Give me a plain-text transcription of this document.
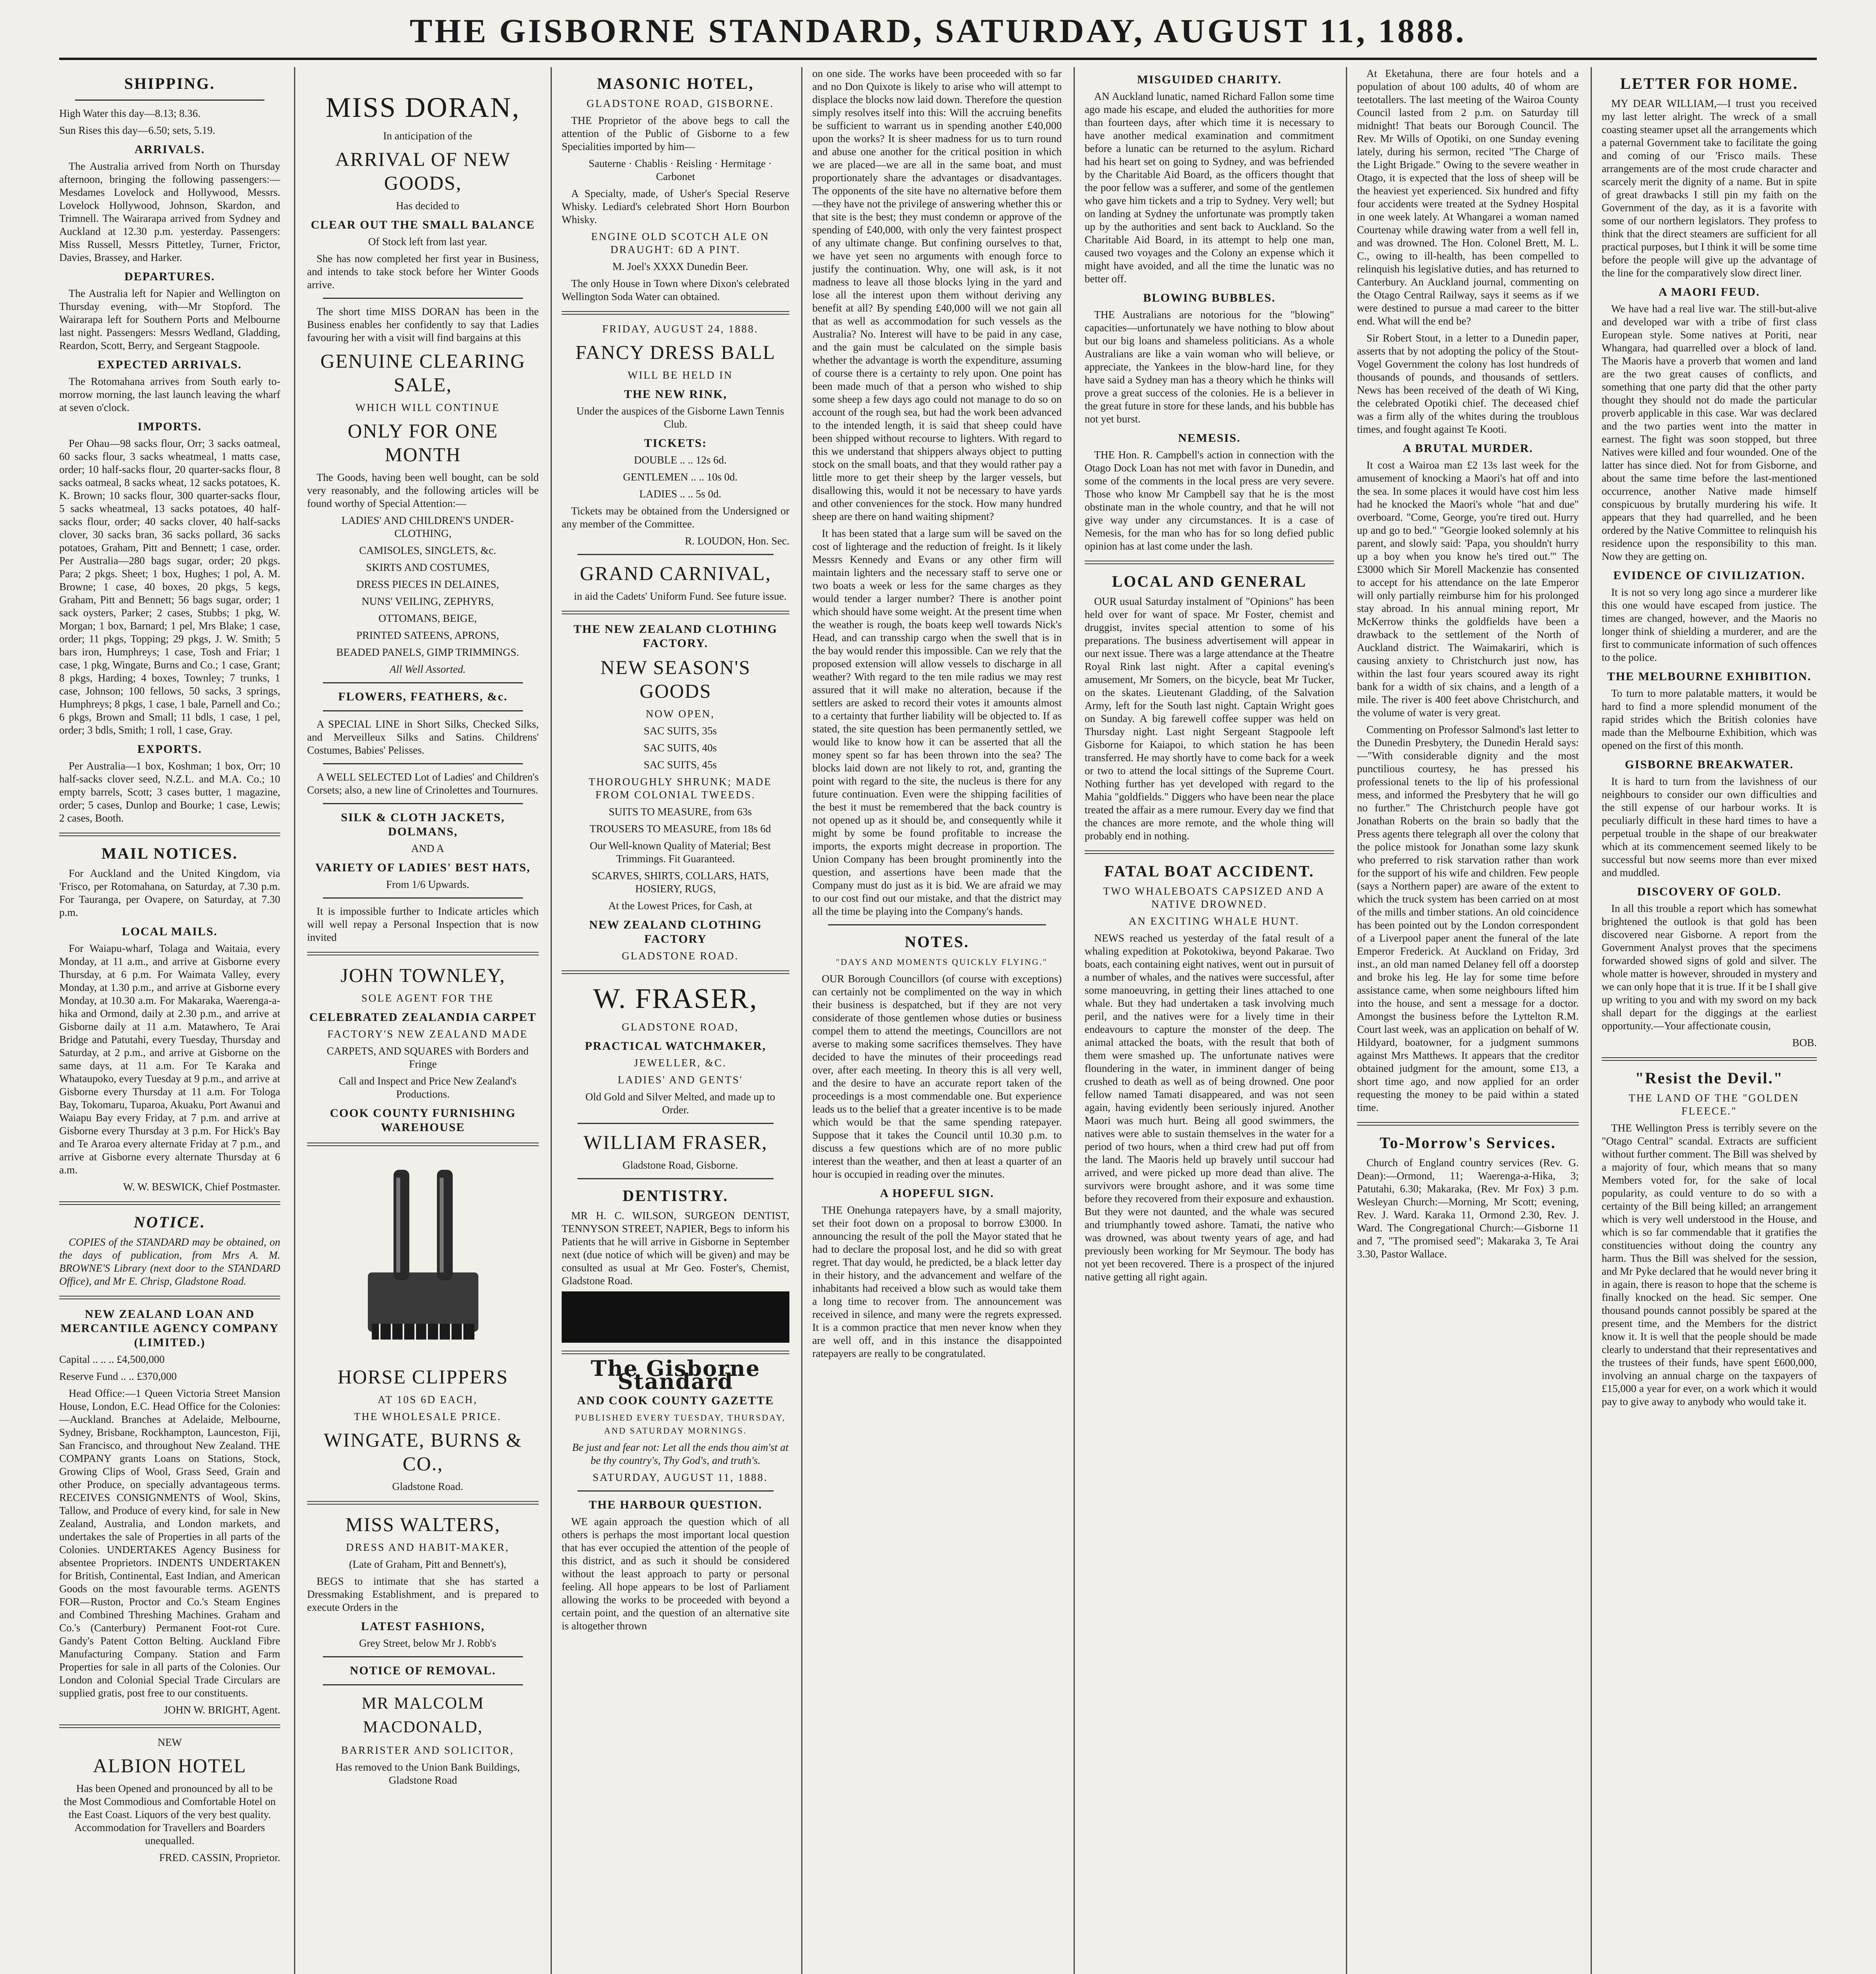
THE GISBORNE STANDARD, SATURDAY, AUGUST 11, 1888.
SHIPPING.

High Water this day—8.13; 8.36.

Sun Rises this day—6.50; sets, 5.19.

ARRIVALS.

The Australia arrived from North on Thursday afternoon, bringing the following passengers:—Mesdames Lovelock and Hollywood, Messrs. Lovelock Hollywood, Johnson, Skardon, and Trimnell. The Wairarapa arrived from Sydney and Auckland at 12.30 p.m. yesterday. Passengers: Miss Russell, Messrs Pittetley, Turner, Frictor, Davies, Brassey, and Harker.

DEPARTURES.

The Australia left for Napier and Wellington on Thursday evening, with—Mr Stopford. The Wairarapa left for Southern Ports and Melbourne last night. Passengers: Messrs Wedland, Gladding, Reardon, Scott, Berry, and Sergeant Stagpoole.

EXPECTED ARRIVALS.

The Rotomahana arrives from South early to-morrow morning, the last launch leaving the wharf at seven o'clock.

IMPORTS.

Per Ohau—98 sacks flour, Orr; 3 sacks oatmeal, 60 sacks flour, 3 sacks wheatmeal, 1 matts case, order; 10 half-sacks flour, 20 quarter-sacks flour, 8 sacks oatmeal, 8 sacks wheat, 12 sacks potatoes, K. K. Brown; 10 sacks flour, 300 quarter-sacks flour, 5 sacks wheatmeal, 13 sacks potatoes, 40 half-sacks flour, order; 40 sacks clover, 40 half-sacks clover, 30 sacks bran, 36 sacks pollard, 36 sacks potatoes, Graham, Pitt and Bennett; 1 case, order. Per Australia—280 bags sugar, order; 20 pkgs. Para; 2 pkgs. Sheet; 1 box, Hughes; 1 pol, A. M. Browne; 1 case, 40 boxes, 20 pkgs, 5 kegs, Graham, Pitt and Bennett; 56 bags sugar, order; 1 sack oysters, Parker; 2 cases, Stubbs; 1 pkg, W. Morgan; 1 box, Barnard; 1 pel, Mrs Blake; 1 case, order; 11 pkgs, Topping; 29 pkgs, J. W. Smith; 5 bars iron, Humphreys; 1 case, Tosh and Friar; 1 case, 1 pkg, Wingate, Burns and Co.; 1 case, Grant; 8 pkgs, Harding; 4 boxes, Townley; 7 trunks, 1 case, Johnson; 100 fellows, 50 sacks, 3 springs, Humphreys; 8 pkgs, 1 case, 1 bale, Parnell and Co.; 6 pkgs, Brown and Small; 11 bdls, 1 case, 1 pel, order; 3 bdls, Smith; 1 roll, 1 case, Gray.

EXPORTS.

Per Australia—1 box, Koshman; 1 box, Orr; 10 half-sacks clover seed, N.Z.L. and M.A. Co.; 10 empty barrels, Scott; 3 cases butter, 1 magazine, order; 5 cases, Dunlop and Bourke; 1 case, Lewis; 2 cases, Booth.

MAIL NOTICES.

For Auckland and the United Kingdom, via 'Frisco, per Rotomahana, on Saturday, at 7.30 p.m. For Tauranga, per Ovapere, on Saturday, at 7.30 p.m.

LOCAL MAILS.

For Waiapu-wharf, Tolaga and Waitaia, every Monday, at 11 a.m., and arrive at Gisborne every Thursday, at 6 p.m. For Waimata Valley, every Monday, at 1.30 p.m., and arrive at Gisborne every Monday, at 10.30 a.m. For Makaraka, Waerenga-a-hika and Ormond, daily at 2.30 p.m., and arrive at Gisborne daily at 11 a.m. Matawhero, Te Arai Bridge and Patutahi, every Tuesday, Thursday and Saturday, at 2 p.m., and arrive at Gisborne on the same days, at 11 a.m. For Te Karaka and Whataupoko, every Tuesday at 9 p.m., and arrive at Gisborne every Thursday at 11 a.m. For Tologa Bay, Tokomaru, Tuparoa, Akuaku, Port Awanui and Waiapu Bay every Friday, at 7 p.m. and arrive at Gisborne every Thursday at 3 p.m. For Hick's Bay and Te Araroa every alternate Friday at 7 p.m., and arrive at Gisborne every alternate Thursday at 6 a.m.

W. W. BESWICK, Chief Postmaster.

NOTICE.

COPIES of the STANDARD may be obtained, on the days of publication, from Mrs A. M. BROWNE'S Library (next door to the STANDARD Office), and Mr E. Chrisp, Gladstone Road.

NEW ZEALAND LOAN AND MERCANTILE AGENCY COMPANY (LIMITED.)

Capital .. .. .. £4,500,000

Reserve Fund .. .. £370,000

Head Office:—1 Queen Victoria Street Mansion House, London, E.C. Head Office for the Colonies:—Auckland. Branches at Adelaide, Melbourne, Sydney, Brisbane, Rockhampton, Launceston, Fiji, San Francisco, and throughout New Zealand. THE COMPANY grants Loans on Stations, Stock, Growing Clips of Wool, Grass Seed, Grain and other Produce, on specially advantageous terms. RECEIVES CONSIGNMENTS of Wool, Skins, Tallow, and Produce of every kind, for sale in New Zealand, Australia, and London markets, and undertakes the sale of Properties in all parts of the Colonies. UNDERTAKES Agency Business for absentee Proprietors. INDENTS UNDERTAKEN for British, Continental, East Indian, and American Goods on the most favourable terms. AGENTS FOR—Ruston, Proctor and Co.'s Steam Engines and Combined Threshing Machines. Graham and Co.'s (Canterbury) Permanent Foot-rot Cure. Gandy's Patent Cotton Belting. Auckland Fibre Manufacturing Company. Station and Farm Properties for sale in all parts of the Colonies. Our London and Colonial Special Trade Circulars are supplied gratis, post free to our constituents.

JOHN W. BRIGHT, Agent.

NEW
ALBION HOTEL

Has been Opened and pronounced by all to be the Most Commodious and Comfortable Hotel on the East Coast. Liquors of the very best quality. Accommodation for Travellers and Boarders unequalled.

FRED. CASSIN, Proprietor.

MISS DORAN,

In anticipation of the

ARRIVAL OF NEW GOODS,

Has decided to

CLEAR OUT THE SMALL BALANCE

Of Stock left from last year.

She has now completed her first year in Business, and intends to take stock before her Winter Goods arrive.

The short time MISS DORAN has been in the Business enables her confidently to say that Ladies favouring her with a visit will find bargains at this

GENUINE CLEARING SALE,

WHICH WILL CONTINUE

ONLY FOR ONE MONTH

The Goods, having been well bought, can be sold very reasonably, and the following articles will be found worthy of Special Attention:—

LADIES' AND CHILDREN'S UNDER-CLOTHING,

CAMISOLES, SINGLETS, &c.

SKIRTS AND COSTUMES,

DRESS PIECES IN DELAINES,

NUNS' VEILING, ZEPHYRS,

OTTOMANS, BEIGE,

PRINTED SATEENS, APRONS,

BEADED PANELS, GIMP TRIMMINGS.

All Well Assorted.

FLOWERS, FEATHERS, &c.

A SPECIAL LINE in Short Silks, Checked Silks, and Merveilleux Silks and Satins. Childrens' Costumes, Babies' Pelisses.

A WELL SELECTED Lot of Ladies' and Children's Corsets; also, a new line of Crinolettes and Tournures.

SILK & CLOTH JACKETS, DOLMANS,

AND A

VARIETY OF LADIES' BEST HATS,

From 1/6 Upwards.

It is impossible further to Indicate articles which will well repay a Personal Inspection that is now invited

JOHN TOWNLEY,

SOLE AGENT FOR THE

CELEBRATED ZEALANDIA CARPET

FACTORY'S NEW ZEALAND MADE

CARPETS, AND SQUARES with Borders and Fringe

Call and Inspect and Price New Zealand's Productions.

COOK COUNTY FURNISHING WAREHOUSE
HORSE CLIPPERS

AT 10S 6D EACH,

THE WHOLESALE PRICE.

WINGATE, BURNS & CO.,

Gladstone Road.

MISS WALTERS,

DRESS AND HABIT-MAKER,

(Late of Graham, Pitt and Bennett's),

BEGS to intimate that she has started a Dressmaking Establishment, and is prepared to execute Orders in the

LATEST FASHIONS,

Grey Street, below Mr J. Robb's

NOTICE OF REMOVAL.
MR MALCOLM MACDONALD,

BARRISTER AND SOLICITOR,

Has removed to the Union Bank Buildings, Gladstone Road

MASONIC HOTEL,

GLADSTONE ROAD, GISBORNE.

THE Proprietor of the above begs to call the attention of the Public of Gisborne to a few Specialities imported by him—

Sauterne · Chablis · Reisling · Hermitage · Carbonet

A Specialty, made, of Usher's Special Reserve Whisky. Lediard's celebrated Short Horn Bourbon Whisky.

ENGINE OLD SCOTCH ALE ON DRAUGHT: 6D A PINT.

M. Joel's XXXX Dunedin Beer.

The only House in Town where Dixon's celebrated Wellington Soda Water can obtained.

FRIDAY, AUGUST 24, 1888.

FANCY DRESS BALL

WILL BE HELD IN

THE NEW RINK,

Under the auspices of the Gisborne Lawn Tennis Club.

TICKETS:

DOUBLE .. .. 12s 6d.

GENTLEMEN .. .. 10s 0d.

LADIES .. .. 5s 0d.

Tickets may be obtained from the Undersigned or any member of the Committee.

R. LOUDON, Hon. Sec.

GRAND CARNIVAL,

in aid the Cadets' Uniform Fund. See future issue.

THE NEW ZEALAND CLOTHING FACTORY.
NEW SEASON'S GOODS

NOW OPEN,

SAC SUITS, 35s

SAC SUITS, 40s

SAC SUITS, 45s

THOROUGHLY SHRUNK; MADE FROM COLONIAL TWEEDS.

SUITS TO MEASURE, from 63s

TROUSERS TO MEASURE, from 18s 6d

Our Well-known Quality of Material; Best Trimmings. Fit Guaranteed.

SCARVES, SHIRTS, COLLARS, HATS, HOSIERY, RUGS,

At the Lowest Prices, for Cash, at

NEW ZEALAND CLOTHING FACTORY

GLADSTONE ROAD.

W. FRASER,

GLADSTONE ROAD,

PRACTICAL WATCHMAKER,

JEWELLER, &C.

LADIES' AND GENTS'

Old Gold and Silver Melted, and made up to Order.

WILLIAM FRASER,

Gladstone Road, Gisborne.

DENTISTRY.

MR H. C. WILSON, SURGEON DENTIST, TENNYSON STREET, NAPIER, Begs to inform his Patients that he will arrive in Gisborne in September next (due notice of which will be given) and may be consulted as usual at Mr Geo. Foster's, Chemist, Gladstone Road.

The Gisborne Standard
AND COOK COUNTY GAZETTE

PUBLISHED EVERY TUESDAY, THURSDAY, AND SATURDAY MORNINGS.

Be just and fear not: Let all the ends thou aim'st at be thy country's, Thy God's, and truth's.

SATURDAY, AUGUST 11, 1888.

THE HARBOUR QUESTION.

WE again approach the question which of all others is perhaps the most important local question that has ever occupied the attention of the people of this district, and as such it should be considered without the least approach to party or personal feeling. All hope appears to be lost of Parliament allowing the works to be proceeded with beyond a certain point, and the question of an alternative site is altogether thrown

on one side. The works have been proceeded with so far and no Don Quixote is likely to arise who will attempt to displace the blocks now laid down. Therefore the question simply resolves itself into this: Will the accruing benefits be sufficient to warrant us in spending another £40,000 upon the works? It is sheer madness for us to turn round and abuse one another for the critical position in which we are placed—we are all in the same boat, and must proportionately share the advantages or disadvantages. The opponents of the site have no alternative before them—they have not the privilege of answering whether this or that site is the best; they must condemn or approve of the spending of £40,000, with only the very faintest prospect of any ultimate change. But confining ourselves to that, we have yet seen no arguments with enough force to justify the continuation. Why, one will ask, is it not madness to leave all those blocks lying in the yard and lose all the interest upon them without deriving any benefit at all? By spending £40,000 will we not gain all that as well as accommodation for such vessels as the Australia? No. Interest will have to be paid in any case, and the gain must be calculated on the simple basis whether the advantage is worth the expenditure, assuming of course there is a certainty to rely upon. One point has been made much of that a person who wished to ship some sheep a few days ago could not manage to do so on account of the rough sea, but had the work been advanced to the intended length, it is said that sheep could have been shipped without recourse to lighters. With regard to this we understand that shippers always object to putting stock on the small boats, and that they would rather pay a little more to get their sheep by the larger vessels, but disallowing this, would it not be necessary to have yards and other conveniences for the stock. How many hundred sheep are there on hand waiting shipment?

It has been stated that a large sum will be saved on the cost of lighterage and the reduction of freight. Is it likely Messrs Kennedy and Evans or any other firm will maintain lighters and the necessary staff to serve one or two boats a week or less for the same charges as they would tender a larger number? There is another point which should have some weight. At the present time when the weather is rough, the boats keep well towards Nick's Head, and can transship cargo when the swell that is in the bay would render this impossible. Can we rely that the proposed extension will allow vessels to discharge in all weather? With regard to the ten mile radius we may rest assured that it will make no alteration, because if the settlers are asked to record their votes it amounts almost to a certainty that further liability will be objected to. If as stated, the site question has been permanently settled, we would like to know how it can be asserted that all the money spent so far has been thrown into the sea? The blocks laid down are not likely to rot, and, granting the point with regard to the site, the nucleus is there for any future continuation. Even were the shipping facilities of the best it must be remembered that the back country is not opened up as it should be, and consequently while it might by some be found profitable to increase the imports, the exports might decrease in proportion. The Union Company has been brought prominently into the question, and assertions have been made that the Company must do just as it is bid. We are afraid we may to our cost find out our mistake, and that the district may all the time be playing into the Company's hands.

NOTES.

"DAYS AND MOMENTS QUICKLY FLYING."

OUR Borough Councillors (of course with exceptions) can certainly not be complimented on the way in which their business is despatched, but if they are not very considerate of those gentlemen whose duties or business compel them to attend the meetings, Councillors are not averse to making some sacrifices themselves. They have decided to have the minutes of their proceedings read over, after each meeting. In theory this is all very well, and the desire to have an accurate report taken of the proceedings is a most commendable one. But experience leads us to the belief that a greater incentive is to be made which would be that the same spending ratepayer. Suppose that it takes the Council until 10.30 p.m. to discuss a few questions which are of no more public interest than the weather, and then at least a quarter of an hour is occupied in reading over the minutes.

A HOPEFUL SIGN.

THE Onehunga ratepayers have, by a small majority, set their foot down on a proposal to borrow £3000. In announcing the result of the poll the Mayor stated that he had to declare the proposal lost, and he did so with great regret. That day would, he predicted, be a black letter day in their history, and the advancement and welfare of the inhabitants had received a blow such as would take them a long time to recover from. The announcement was received in silence, and many were the regrets expressed. It is a common practice that men never know when they are well off, and in this instance the disappointed ratepayers are really to be congratulated.

MISGUIDED CHARITY.

AN Auckland lunatic, named Richard Fallon some time ago made his escape, and eluded the authorities for more than fourteen days, after which time it is necessary to have another medical examination and commitment before a lunatic can be returned to the asylum. Richard had his heart set on going to Sydney, and was befriended by the Charitable Aid Board, as the officers thought that the poor fellow was a sufferer, and some of the gentlemen who gave him tickets and a trip to Sydney. Very well; but on landing at Sydney the unfortunate was promptly taken up by the authorities and sent back to Auckland. So the Charitable Aid Board, in its attempt to help one man, caused two voyages and the Colony an expense which it might have avoided, and all the time the lunatic was no better off.

BLOWING BUBBLES.

THE Australians are notorious for the "blowing" capacities—unfortunately we have nothing to blow about but our big loans and shameless politicians. As a whole Australians are like a vain woman who will believe, or appreciate, the Yankees in the blow-hard line, for they have said a Sydney man has a theory which he thinks will prove a great success of the colonies. He is a believer in the great future in store for these lands, and his bubble has not yet burst.

NEMESIS.

THE Hon. R. Campbell's action in connection with the Otago Dock Loan has not met with favor in Dunedin, and some of the comments in the local press are very severe. Those who know Mr Campbell say that he is the most obstinate man in the whole country, and that he will not give way under any circumstances. It is a case of Nemesis, for the man who has for so long defied public opinion has at last come under the lash.

LOCAL AND GENERAL

OUR usual Saturday instalment of "Opinions" has been held over for want of space. Mr Foster, chemist and druggist, invites special attention to some of his preparations. The business advertisement will appear in our next issue. There was a large attendance at the Theatre Royal Rink last night. After a capital evening's amusement, Mr Somers, on the bicycle, beat Mr Tucker, on the skates. Lieutenant Gladding, of the Salvation Army, left for the South last night. Captain Wright goes on Sunday. A big farewell coffee supper was held on Thursday night. Last night Sergeant Stagpoole left Gisborne for Kaiapoi, to which station he has been transferred. He may shortly have to come back for a week or two to attend the local sittings of the Supreme Court. Nothing further has yet developed with regard to the Mahia "goldfields." Diggers who have been near the place treated the affair as a mere rumour. Every day we find that the chances are more remote, and the whole thing will probably end in nothing.

FATAL BOAT ACCIDENT.

TWO WHALEBOATS CAPSIZED AND A NATIVE DROWNED.

AN EXCITING WHALE HUNT.

NEWS reached us yesterday of the fatal result of a whaling expedition at Pokotokiwa, beyond Pakarae. Two boats, each containing eight natives, went out in pursuit of a number of whales, and the natives were successful, after some manoeuvring, in getting their lines attached to one whale. But they had undertaken a task involving much peril, and the natives were for a lively time in their endeavours to capture the monster of the deep. The animal attacked the boats, with the result that both of them were smashed up. The unfortunate natives were floundering in the water, in imminent danger of being crushed to death as well as of being drowned. One poor fellow named Tamati disappeared, and was not seen again, having evidently been seriously injured. Another Maori was much hurt. Being all good swimmers, the natives were able to sustain themselves in the water for a period of two hours, when a third crew had put off from the land. The Maoris held up bravely until succour had arrived, and were picked up more dead than alive. The survivors were brought ashore, and it was some time before they recovered from their exposure and exhaustion. But they were not daunted, and the whale was secured and triumphantly towed ashore. Tamati, the native who was drowned, was about twenty years of age, and had previously been working for Mr Seymour. The body has not yet been recovered. There is a prospect of the injured native getting all right again.

At Eketahuna, there are four hotels and a population of about 100 adults, 40 of whom are teetotallers. The last meeting of the Wairoa County Council lasted from 2 p.m. on Saturday till midnight! That beats our Borough Council. The Rev. Mr Wills of Opotiki, on one Sunday evening lately, during his sermon, recited "The Charge of the Light Brigade." Owing to the severe weather in Otago, it is expected that the loss of sheep will be the heaviest yet experienced. Six hundred and fifty four accidents were treated at the Sydney Hospital in one week lately. At Whangarei a woman named Courtenay while drawing water from a well fell in, and was drowned. The Hon. Colonel Brett, M. L. C., owing to ill-health, has been compelled to relinquish his legislative duties, and has returned to Canterbury. An Auckland journal, commenting on the Otago Central Railway, says it seems as if we were destined to pursue a mad career to the bitter end. What will the end be?

Sir Robert Stout, in a letter to a Dunedin paper, asserts that by not adopting the policy of the Stout-Vogel Government the colony has lost hundreds of thousands of pounds, and thousands of settlers. News has been received of the death of Wi King, the celebrated Opotiki chief. The deceased chief was a firm ally of the whites during the troublous times, and fought against Te Kooti.

A BRUTAL MURDER.

It cost a Wairoa man £2 13s last week for the amusement of knocking a Maori's hat off and into the sea. In some places it would have cost him less had he knocked the Maori's whole "hat and due" overboard. "Come, George, you're tired out. Hurry up and go to bed." "Georgie looked solemnly at his parent, and slowly said: 'Papa, you shouldn't hurry up a boy when you know he's tired out.'" The £3000 which Sir Morell Mackenzie has consented to accept for his attendance on the late Emperor will only partially reimburse him for his prolonged stay abroad. In his annual mining report, Mr McKerrow thinks the goldfields have been a drawback to the settlement of the North of Auckland district. The Waimakariri, which is causing anxiety to Christchurch just now, has within the last four years scoured away its right bank for a width of six chains, and a length of a mile. The river is 400 feet above Christchurch, and the volume of water is very great.

Commenting on Professor Salmond's last letter to the Dunedin Presbytery, the Dunedin Herald says:—"With considerable dignity and the most punctilious courtesy, he has pressed his professional tenets to the lip of his professional mess, and informed the Presbytery that he will go no further." The Christchurch people have got Jonathan Roberts on the brain so badly that the Press agents there telegraph all over the colony that the police mistook for Jonathan some lazy skunk who preferred to risk starvation rather than work for the support of his wife and children. Few people (says a Northern paper) are aware of the extent to which the truck system has been carried on at most of the mills and timber stations. An old coincidence has been pointed out by the London correspondent of a Liverpool paper anent the funeral of the late Emperor Frederick. At Auckland on Friday, 3rd inst., an old man named Delaney fell off a doorstep and broke his leg. He lay for some time before assistance came, when some neighbours lifted him into the house, and sent a message for a doctor. Amongst the business before the Lyttelton R.M. Court last week, was an application on behalf of W. Hildyard, boatowner, for a judgment summons against Mrs Matthews. It appears that the creditor obtained judgment for the amount, some £13, a short time ago, and now applied for an order requesting the money to be paid within a stated time.

To-Morrow's Services.

Church of England country services (Rev. G. Dean):—Ormond, 11; Waerenga-a-Hika, 3; Patutahi, 6.30; Makaraka, (Rev. Mr Fox) 3 p.m. Wesleyan Church:—Morning, Mr Scott; evening, Rev. J. Ward. Karaka 11, Ormond 2.30, Rev. J. Ward. The Congregational Church:—Gisborne 11 and 7, "The promised seed"; Makaraka 3, Te Arai 3.30, Pastor Wallace.

LETTER FOR HOME.

MY DEAR WILLIAM,—I trust you received my last letter alright. The wreck of a small coasting steamer upset all the arrangements which a paternal Government take to facilitate the going and coming of our 'Frisco mails. These arrangements are of the most crude character and scarcely merit the dignity of a name. But in spite of great drawbacks I still pin my faith on the Government of the day, as it is a favorite with some of our northern legislators. They profess to think that the direct steamers are sufficient for all practical purposes, but I think it will be some time before the people will give up the advantage of the line for the comparatively slow direct liner.

A MAORI FEUD.

We have had a real live war. The still-but-alive and developed war with a tribe of first class European style. Some natives at Poriti, near Whangara, had quarrelled over a block of land. The Maoris have a proverb that women and land are the two great causes of conflicts, and something that one party did that the other party thought they should not do made the particular proverb applicable in this case. War was declared and the two parties went into the matter in earnest. The fight was soon stopped, but three Natives were killed and four wounded. One of the latter has since died. Not for from Gisborne, and about the same time before the last-mentioned occurrence, another Native made himself conspicuous by brutally murdering his wife. It appears that they had quarrelled, and he been ordered by the Native Committee to relinquish his residence upon the responsibility to this man. Now they are getting on.

EVIDENCE OF CIVILIZATION.

It is not so very long ago since a murderer like this one would have escaped from justice. The times are changed, however, and the Maoris no longer think of shielding a murderer, and are the first to communicate information of such offences to the police.

THE MELBOURNE EXHIBITION.

To turn to more palatable matters, it would be hard to find a more splendid monument of the rapid strides which the British colonies have made than the Melbourne Exhibition, which was opened on the first of this month.

GISBORNE BREAKWATER.

It is hard to turn from the lavishness of our neighbours to consider our own difficulties and the still expense of our harbour works. It is peculiarly difficult in these hard times to have a perpetual trouble in the shape of our breakwater which at its commencement seemed likely to be successful but now seems more than ever mixed and muddled.

DISCOVERY OF GOLD.

In all this trouble a report which has somewhat brightened the outlook is that gold has been discovered near Gisborne. A report from the Government Analyst proves that the specimens forwarded showed signs of gold and silver. The whole matter is however, shrouded in mystery and we can only hope that it is true. If it be I shall give up writing to you and with my sword on my back shall depart for the diggings at the earliest opportunity.—Your affectionate cousin,

BOB.

"Resist the Devil."

THE LAND OF THE "GOLDEN FLEECE."

THE Wellington Press is terribly severe on the "Otago Central" scandal. Extracts are sufficient without further comment. The Bill was shelved by a majority of four, which means that so many Members voted for, for the sake of local popularity, as could venture to do so with a certainty of the Bill being killed; an arrangement which is very well understood in the House, and which is so far commendable that it gratifies the constituencies without doing the country any harm. Thus the Bill was shelved for the session, and Mr Pyke declared that he would never bring it in again, there is reason to hope that the scheme is finally knocked on the head. Sic semper. One thousand pounds cannot possibly be spared at the present time, and the Members for the district know it. It is well that the people should be made clearly to understand that their representatives and the trustees of their funds, have spent £600,000, involving an annual charge on the taxpayers of £15,000 a year for ever, on a work which it would pay to give away to anybody who would take it.
